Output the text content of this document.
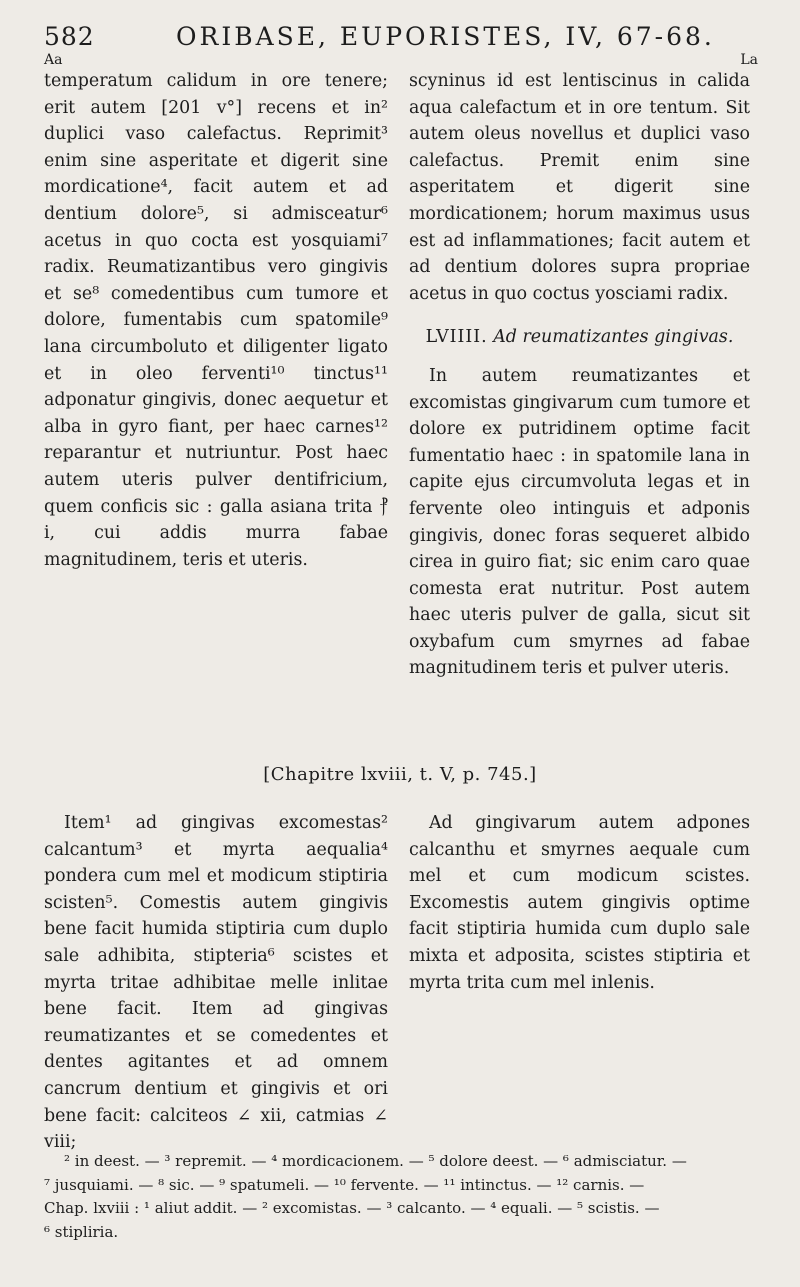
582	ORIBASE, EUPORISTES, IV, 67-68.
Aa	La

temperatum calidum in ore tenere; erit autem [201 v°] recens et in² duplici vaso calefactus. Reprimit³ enim sine asperitate et digerit sine mordicatione⁴, facit autem et ad dentium dolore⁵, si admisceatur⁶ acetus in quo cocta est yosquiami⁷ radix. Reumatizantibus vero gingivis et se⁸ comedentibus cum tumore et dolore, fumentabis cum spatomile⁹ lana circumboluto et diligenter ligato et in oleo ferventi¹⁰ tinctus¹¹ adponatur gingivis, donec aequetur et alba in gyro fiant, per haec carnes¹² reparantur et nutriuntur. Post haec autem uteris pulver dentifricium, quem conficis sic : galla asiana trita ⳨ i, cui addis murra fabae magnitudinem, teris et uteris.

scyninus id est lentiscinus in calida aqua calefactum et in ore tentum. Sit autem oleus novellus et duplici vaso calefactus. Premit enim sine asperitatem et digerit sine mordicationem; horum maximus usus est ad inflammationes; facit autem et ad dentium dolores supra propriae acetus in quo coctus yosciami radix.

LVIIII. Ad reumatizantes gingivas.

In autem reumatizantes et excomistas gingivarum cum tumore et dolore ex putridinem optime facit fumentatio haec : in spatomile lana in capite ejus circumvoluta legas et in fervente oleo intinguis et adponis gingivis, donec foras sequeret albido cirea in guiro fiat; sic enim caro quae comesta erat nutritur. Post autem haec uteris pulver de galla, sicut sit oxybafum cum smyrnes ad fabae magnitudinem teris et pulver uteris.

[Chapitre lxviii, t. V, p. 745.]

Item¹ ad gingivas excomestas² calcantum³ et myrta aequalia⁴ pondera cum mel et modicum stiptiria scisten⁵. Comestis autem gingivis bene facit humida stiptiria cum duplo sale adhibita, stipteria⁶ scistes et myrta tritae adhibitae melle inlitae bene facit. Item ad gingivas reumatizantes et se comedentes et dentes agitantes et ad omnem cancrum dentium et gingivis et ori bene facit: calciteos ∠ xii, catmias ∠ viii;

Ad gingivarum autem adpones calcanthu et smyrnes aequale cum mel et cum modicum scistes. Excomestis autem gingivis optime facit stiptiria humida cum duplo sale mixta et adposita, scistes stiptiria et myrta trita cum mel inlenis.

² in deest. — ³ repremit. — ⁴ mordicacionem. — ⁵ dolore deest. — ⁶ admisciatur. —

⁷ jusquiami. — ⁸ sic. — ⁹ spatumeli. — ¹⁰ fervente. — ¹¹ intinctus. — ¹² carnis. —

Chap. lxviii : ¹ aliut addit. — ² excomistas. — ³ calcanto. — ⁴ equali. — ⁵ scistis. —

⁶ stipliria.
